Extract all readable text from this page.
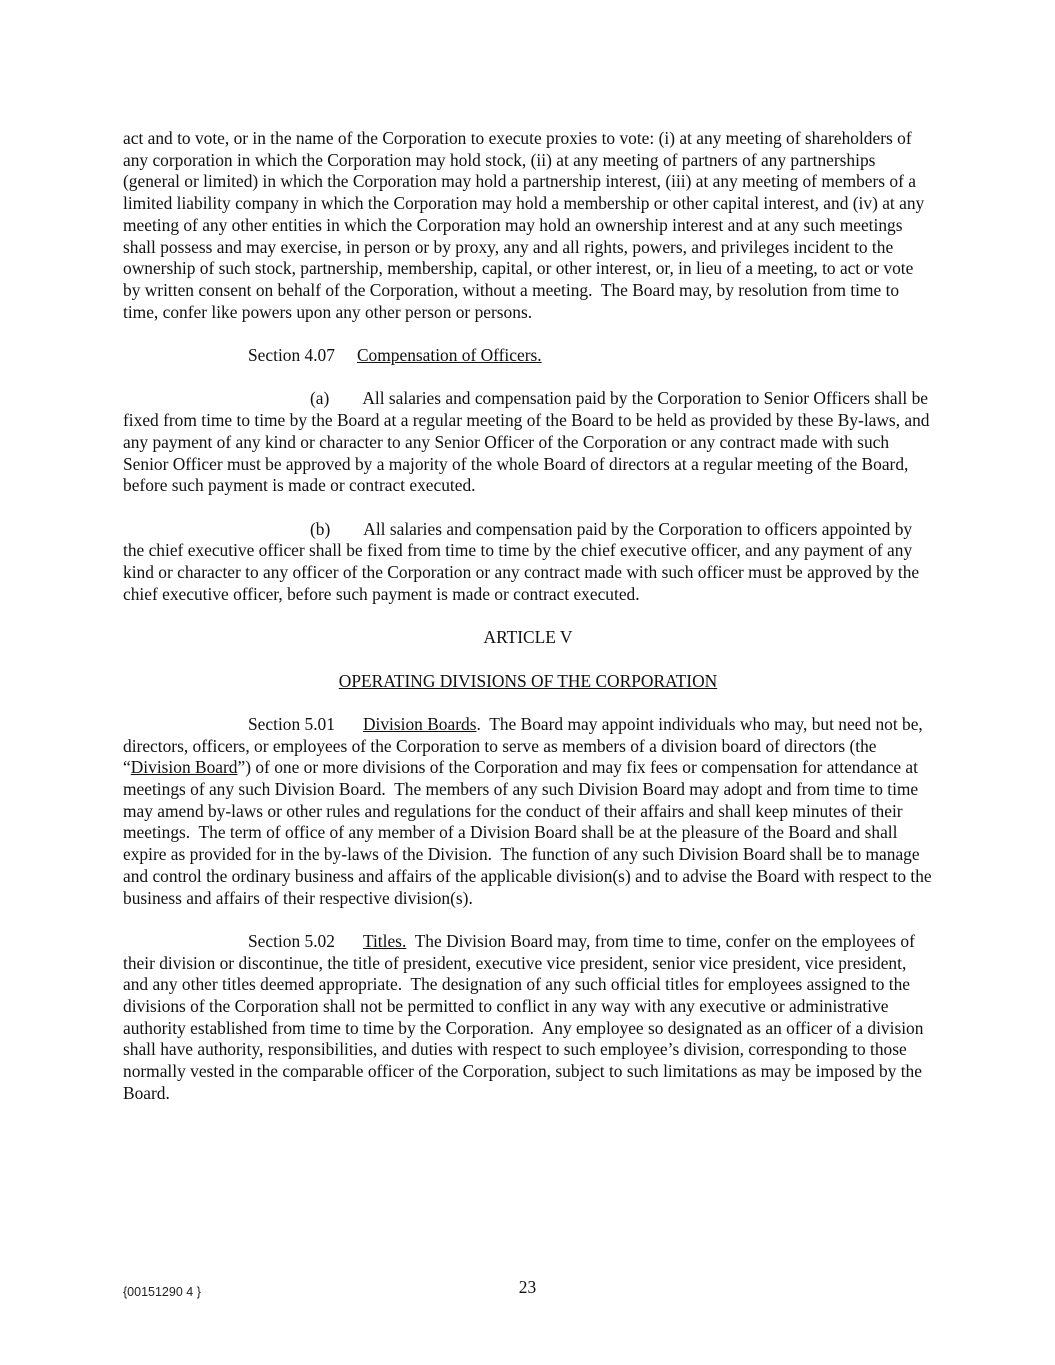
act and to vote, or in the name of the Corporation to execute proxies to vote: (i) at any meeting of shareholders of any corporation in which the Corporation may hold stock, (ii) at any meeting of partners of any partnerships (general or limited) in which the Corporation may hold a partnership interest, (iii) at any meeting of members of a limited liability company in which the Corporation may hold a membership or other capital interest, and (iv) at any meeting of any other entities in which the Corporation may hold an ownership interest and at any such meetings shall possess and may exercise, in person or by proxy, any and all rights, powers, and privileges incident to the ownership of such stock, partnership, membership, capital, or other interest, or, in lieu of a meeting, to act or vote by written consent on behalf of the Corporation, without a meeting.  The Board may, by resolution from time to time, confer like powers upon any other person or persons.

Section 4.07 Compensation of Officers.

(a) All salaries and compensation paid by the Corporation to Senior Officers shall be fixed from time to time by the Board at a regular meeting of the Board to be held as provided by these By-laws, and any payment of any kind or character to any Senior Officer of the Corporation or any contract made with such Senior Officer must be approved by a majority of the whole Board of directors at a regular meeting of the Board, before such payment is made or contract executed.

(b) All salaries and compensation paid by the Corporation to officers appointed by the chief executive officer shall be fixed from time to time by the chief executive officer, and any payment of any kind or character to any officer of the Corporation or any contract made with such officer must be approved by the chief executive officer, before such payment is made or contract executed.

ARTICLE V

OPERATING DIVISIONS OF THE CORPORATION

Section 5.01 Division Boards.  The Board may appoint individuals who may, but need not be, directors, officers, or employees of the Corporation to serve as members of a division board of directors (the “Division Board”) of one or more divisions of the Corporation and may fix fees or compensation for attendance at meetings of any such Division Board.  The members of any such Division Board may adopt and from time to time may amend by-laws or other rules and regulations for the conduct of their affairs and shall keep minutes of their meetings.  The term of office of any member of a Division Board shall be at the pleasure of the Board and shall expire as provided for in the by-laws of the Division.  The function of any such Division Board shall be to manage and control the ordinary business and affairs of the applicable division(s) and to advise the Board with respect to the business and affairs of their respective division(s).

Section 5.02 Titles. The Division Board may, from time to time, confer on the employees of their division or discontinue, the title of president, executive vice president, senior vice president, vice president, and any other titles deemed appropriate.  The designation of any such official titles for employees assigned to the divisions of the Corporation shall not be permitted to conflict in any way with any executive or administrative authority established from time to time by the Corporation.  Any employee so designated as an officer of a division shall have authority, responsibilities, and duties with respect to such employee’s division, corresponding to those normally vested in the comparable officer of the Corporation, subject to such limitations as may be imposed by the Board.

{00151290 4 }	23
